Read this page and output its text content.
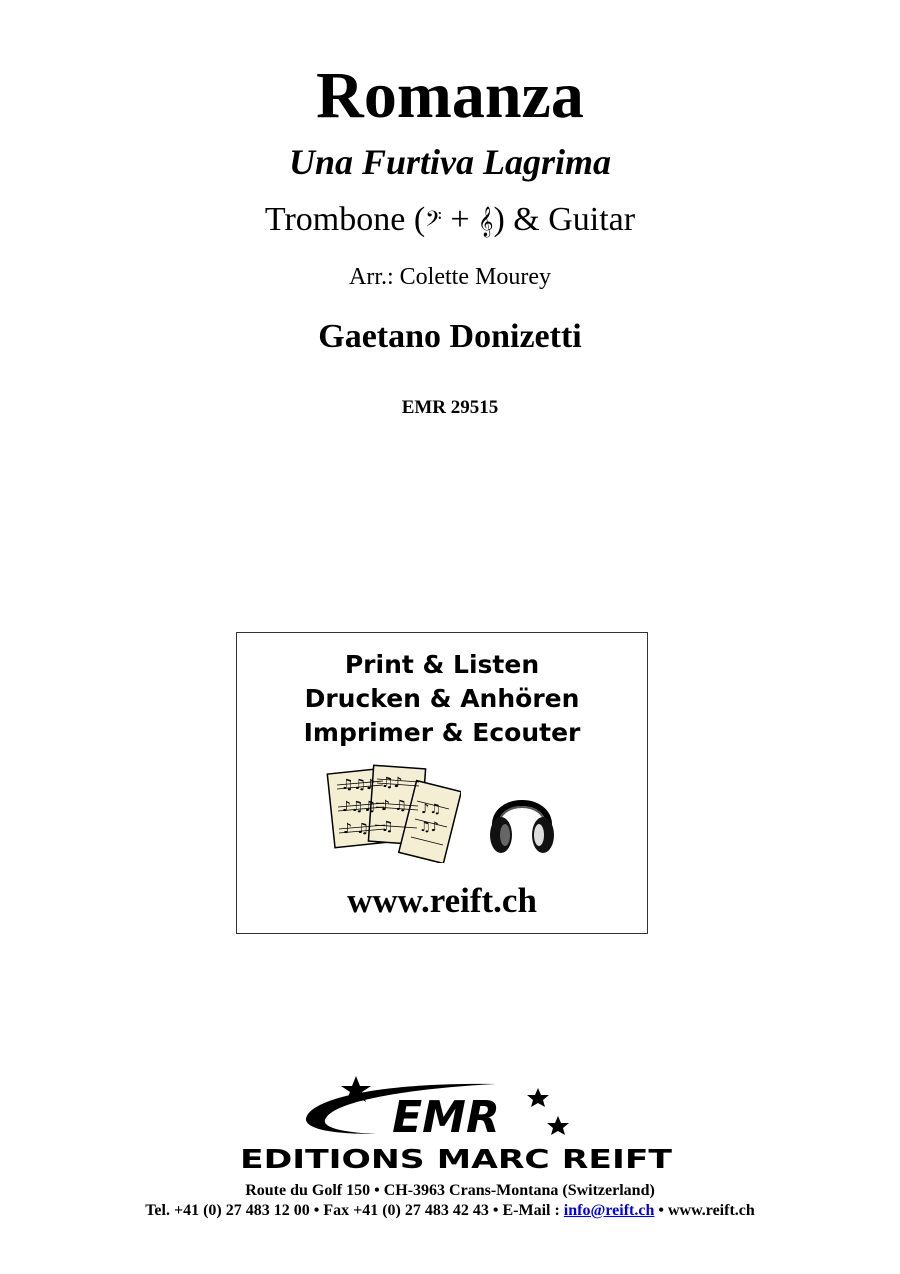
Romanza
Una Furtiva Lagrima
Trombone (𝄢 + 𝄞) & Guitar
Arr.: Colette Mourey
Gaetano Donizetti
EMR 29515
Print & Listen
Drucken & Anhören
Imprimer & Ecouter
♫♫♪
♪♫♫
♪ ♫
♫♪
♪ ♫
♫
♪♫
♫♪
www.reift.ch
EMR
EDITIONS MARC REIFT
Route du Golf 150 • CH-3963 Crans-Montana (Switzerland)
Tel. +41 (0) 27 483 12 00 • Fax +41 (0) 27 483 42 43 • E-Mail : info@reift.ch • www.reift.ch
